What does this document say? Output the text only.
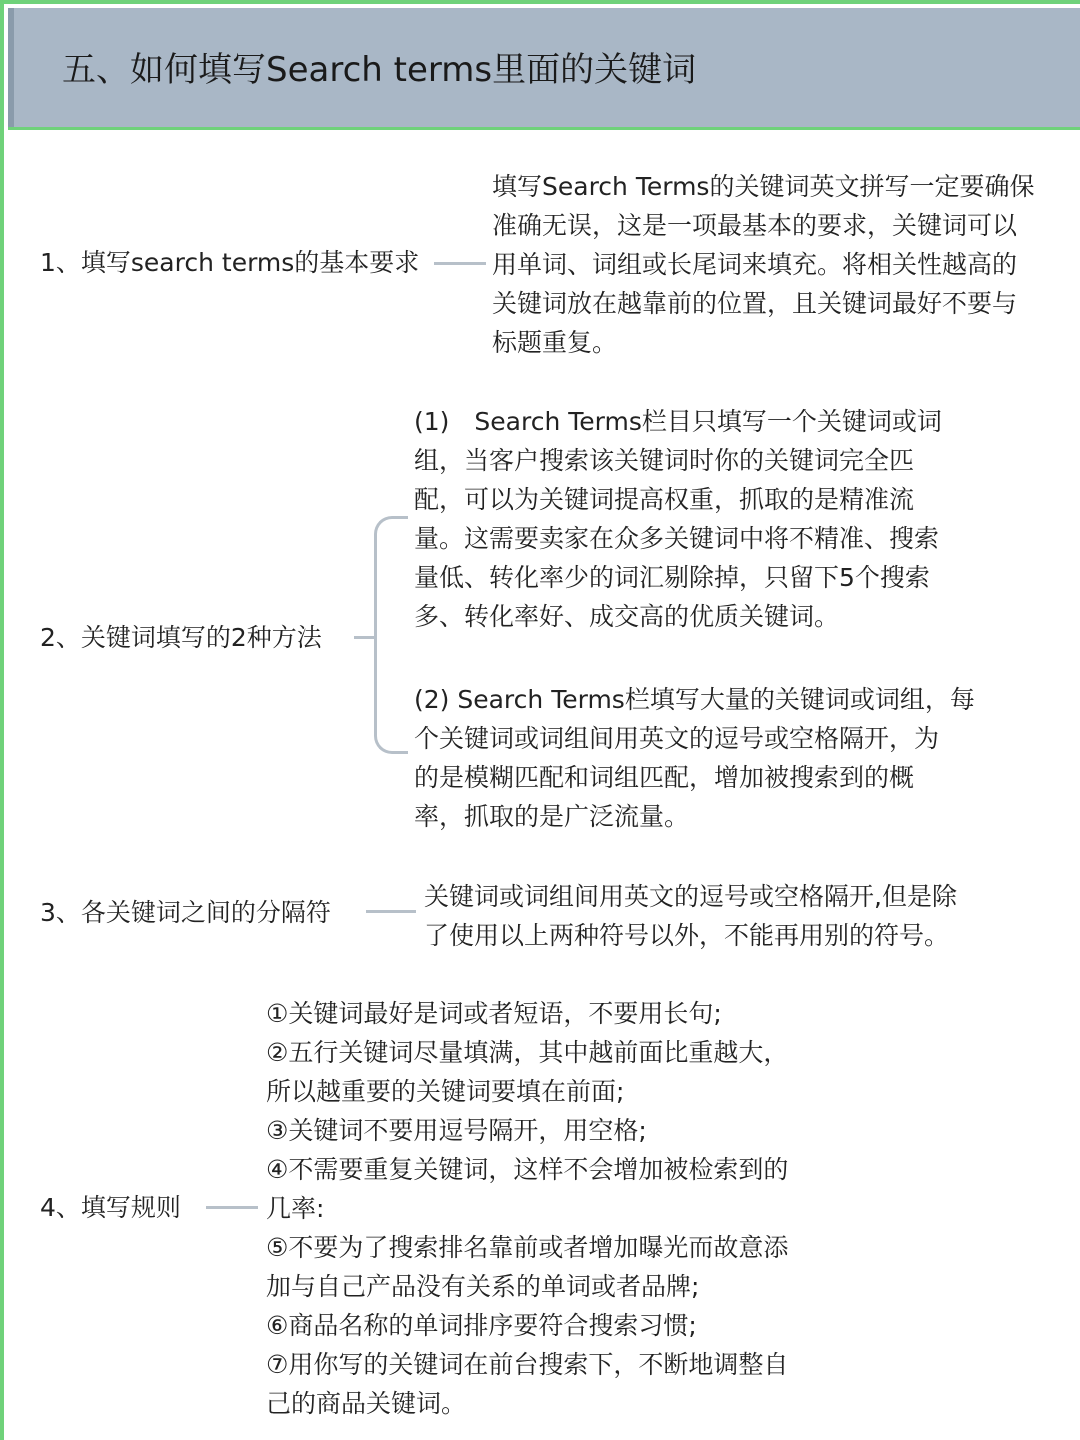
五、如何填写Search terms里面的关键词
1、填写search terms的基本要求
填写Search Terms的关键词英文拼写一定要确保
准确无误，这是一项最基本的要求，关键词可以
用单词、词组或长尾词来填充。将相关性越高的
关键词放在越靠前的位置，且关键词最好不要与
标题重复。
2、关键词填写的2种方法
(1)　Search Terms栏目只填写一个关键词或词
组，当客户搜索该关键词时你的关键词完全匹
配，可以为关键词提高权重，抓取的是精准流
量。这需要卖家在众多关键词中将不精准、搜索
量低、转化率少的词汇剔除掉，只留下5个搜索
多、转化率好、成交高的优质关键词。
(2) Search Terms栏填写大量的关键词或词组，每
个关键词或词组间用英文的逗号或空格隔开，为
的是模糊匹配和词组匹配，增加被搜索到的概
率，抓取的是广泛流量。
3、各关键词之间的分隔符
关键词或词组间用英文的逗号或空格隔开,但是除
了使用以上两种符号以外，不能再用别的符号。
4、填写规则
①关键词最好是词或者短语，不要用长句;
②五行关键词尽量填满，其中越前面比重越大，
所以越重要的关键词要填在前面;
③关键词不要用逗号隔开，用空格;
④不需要重复关键词，这样不会增加被检索到的
几率:
⑤不要为了搜索排名靠前或者增加曝光而故意添
加与自己产品没有关系的单词或者品牌;
⑥商品名称的单词排序要符合搜索习惯;
⑦用你写的关键词在前台搜索下，不断地调整自
己的商品关键词。
